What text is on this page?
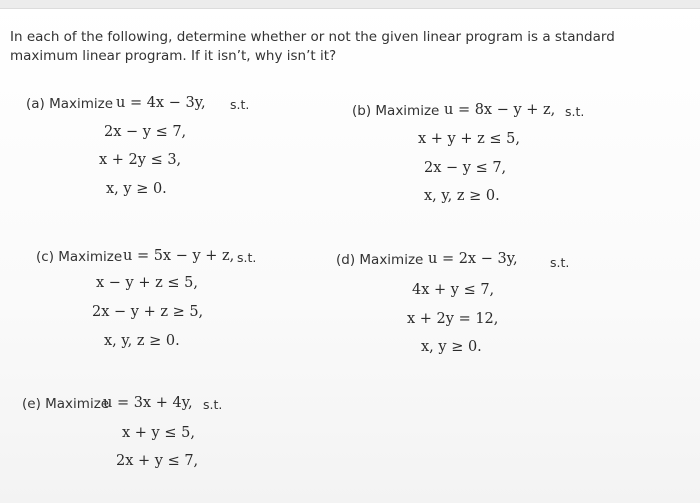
In each of the following, determine whether or not the given linear program is a standard maximum linear program. If it isn’t, why isn’t it?
(a) Maximize u = 4x − 3y, s.t.
2x − y ≤ 7,
x + 2y ≤ 3,
x, y ≥ 0.
(b) Maximize u = 8x − y + z, s.t.
x + y + z ≤ 5,
2x − y ≤ 7,
x, y, z ≥ 0.
(c) Maximize u = 5x − y + z, s.t.
x − y + z ≤ 5,
2x − y + z ≥ 5,
x, y, z ≥ 0.
(d) Maximize u = 2x − 3y,	s.t.
4x + y ≤ 7,
x + 2y = 12,
x, y ≥ 0.
(e) Maximize
u = 3x + 4y, s.t.
x + y ≤ 5,
2x + y ≤ 7,
